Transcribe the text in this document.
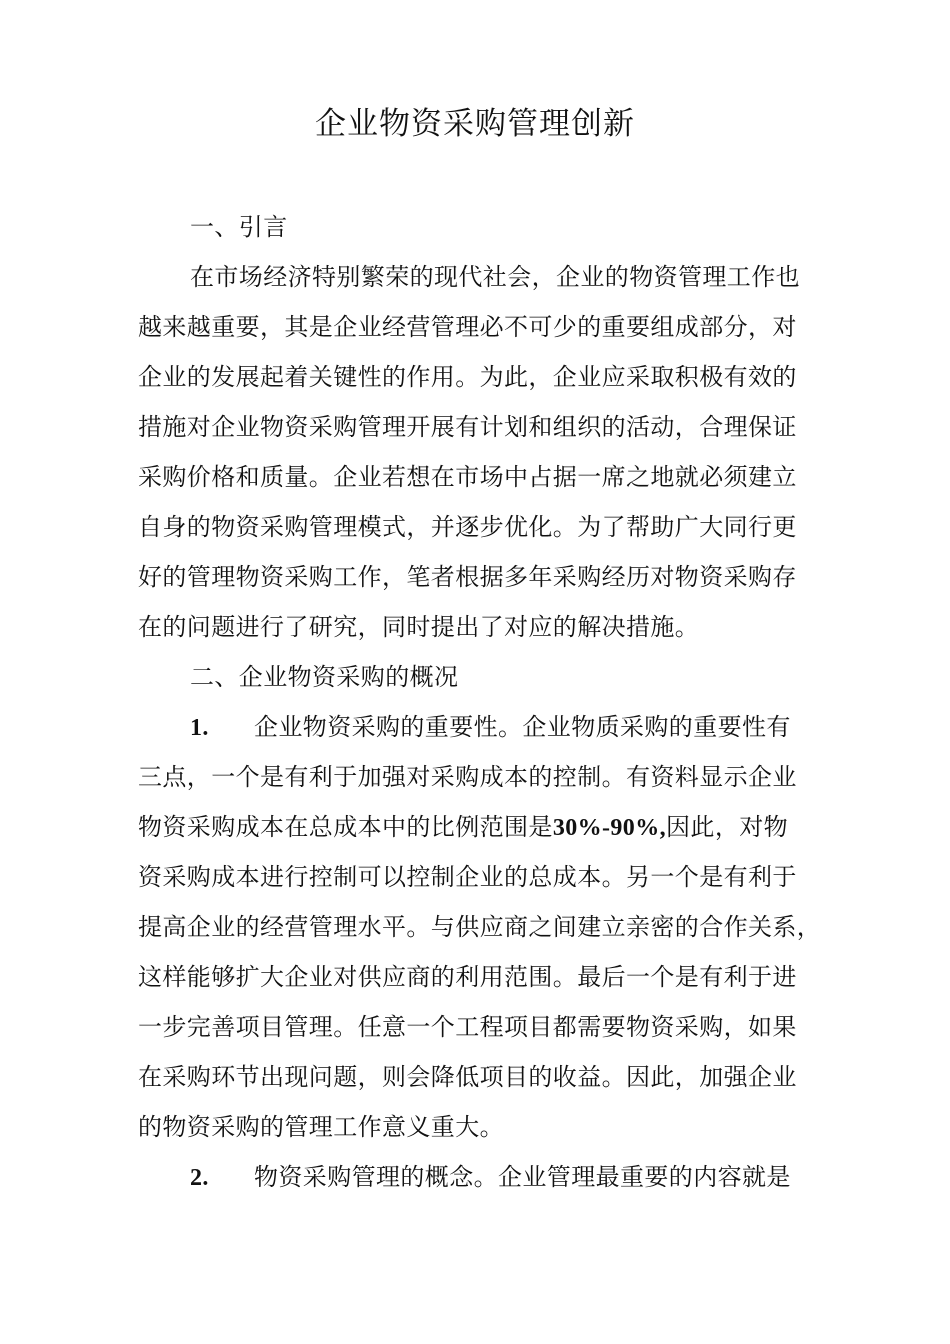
企业物资采购管理创新
一、引言
在市场经济特别繁荣的现代社会，企业的物资管理工作也
越来越重要，其是企业经营管理必不可少的重要组成部分，对
企业的发展起着关键性的作用。为此，企业应采取积极有效的
措施对企业物资采购管理开展有计划和组织的活动，合理保证
采购价格和质量。企业若想在市场中占据一席之地就必须建立
自身的物资采购管理模式，并逐步优化。为了帮助广大同行更
好的管理物资采购工作，笔者根据多年采购经历对物资采购存
在的问题进行了研究，同时提出了对应的解决措施。
二、企业物资采购的概况
1. 企业物资采购的重要性。企业物质采购的重要性有
三点，一个是有利于加强对采购成本的控制。有资料显示企业
物资采购成本在总成本中的比例范围是30%-90%,因此，对物
资采购成本进行控制可以控制企业的总成本。另一个是有利于
提高企业的经营管理水平。与供应商之间建立亲密的合作关系，
这样能够扩大企业对供应商的利用范围。最后一个是有利于进
一步完善项目管理。任意一个工程项目都需要物资采购，如果
在采购环节出现问题，则会降低项目的收益。因此，加强企业
的物资采购的管理工作意义重大。
2. 物资采购管理的概念。企业管理最重要的内容就是
